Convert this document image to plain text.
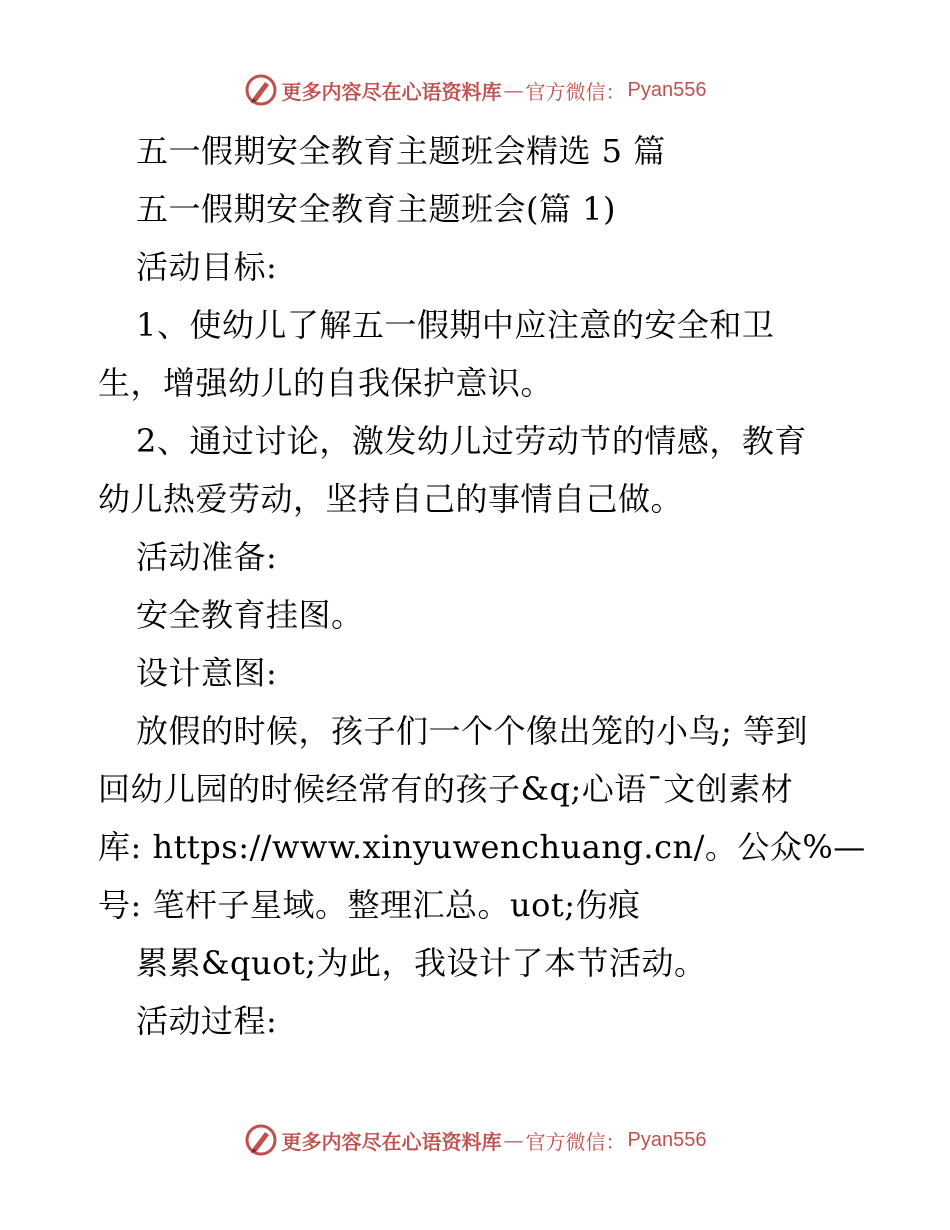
更多内容尽在心语资料库 — 官方微信： Pyan556
五一假期安全教育主题班会精选 5 篇
五一假期安全教育主题班会(篇 1)
活动目标:
1、使幼儿了解五一假期中应注意的安全和卫
生，增强幼儿的自我保护意识。
2、通过讨论，激发幼儿过劳动节的情感，教育
幼儿热爱劳动，坚持自己的事情自己做。
活动准备:
安全教育挂图。
设计意图:
放假的时候，孩子们一个个像出笼的小鸟; 等到
回幼儿园的时候经常有的孩子&q;心语¯文创素材
库: https://www.xinyuwenchuang.cn/。公众%—
号: 笔杆子星域。整理汇总。uot;伤痕
累累&quot;为此，我设计了本节活动。
活动过程:
更多内容尽在心语资料库 — 官方微信： Pyan556
